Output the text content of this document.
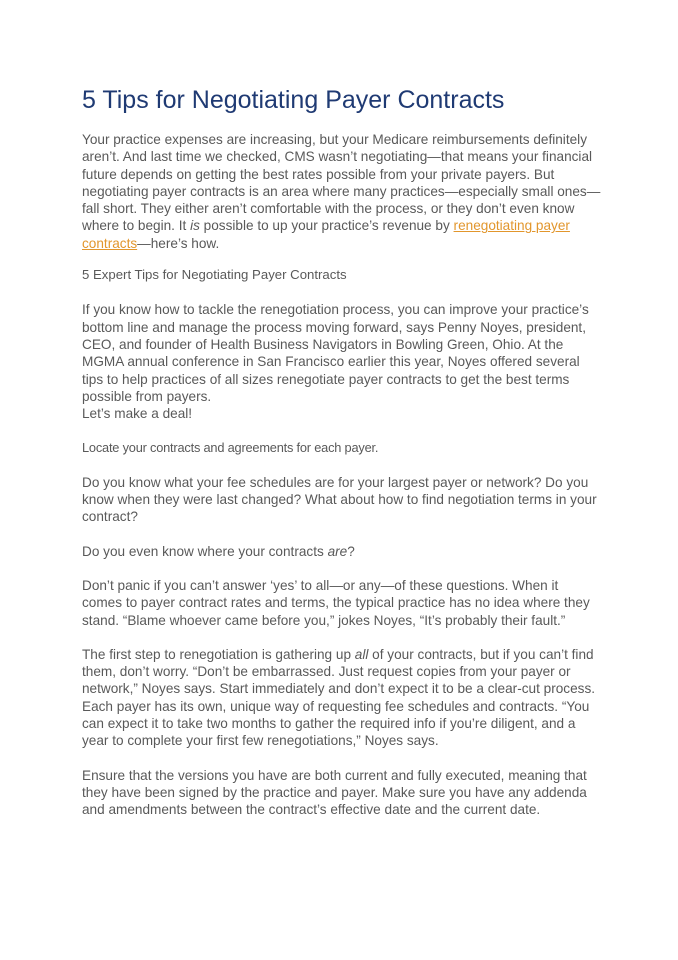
5 Tips for Negotiating Payer Contracts

Your practice expenses are increasing, but your Medicare reimbursements definitely aren’t. And last time we checked, CMS wasn’t negotiating—that means your financial future depends on getting the best rates possible from your private payers. But negotiating payer contracts is an area where many practices—especially small ones—fall short. They either aren’t comfortable with the process, or they don’t even know where to begin. It is possible to up your practice’s revenue by renegotiating payer contracts—here’s how.

5 Expert Tips for Negotiating Payer Contracts

If you know how to tackle the renegotiation process, you can improve your practice’s bottom line and manage the process moving forward, says Penny Noyes, president, CEO, and founder of Health Business Navigators in Bowling Green, Ohio. At the MGMA annual conference in San Francisco earlier this year, Noyes offered several tips to help practices of all sizes renegotiate payer contracts to get the best terms possible from payers.
Let’s make a deal!

Locate your contracts and agreements for each payer.

Do you know what your fee schedules are for your largest payer or network? Do you know when they were last changed? What about how to find negotiation terms in your contract?

Do you even know where your contracts are?

Don’t panic if you can’t answer ‘yes’ to all—or any—of these questions. When it comes to payer contract rates and terms, the typical practice has no idea where they stand. “Blame whoever came before you,” jokes Noyes, “It’s probably their fault.”

The first step to renegotiation is gathering up all of your contracts, but if you can’t find them, don’t worry. “Don’t be embarrassed. Just request copies from your payer or network,” Noyes says. Start immediately and don’t expect it to be a clear-cut process. Each payer has its own, unique way of requesting fee schedules and contracts. “You can expect it to take two months to gather the required info if you’re diligent, and a year to complete your first few renegotiations,” Noyes says.

Ensure that the versions you have are both current and fully executed, meaning that they have been signed by the practice and payer. Make sure you have any addenda and amendments between the contract’s effective date and the current date.
